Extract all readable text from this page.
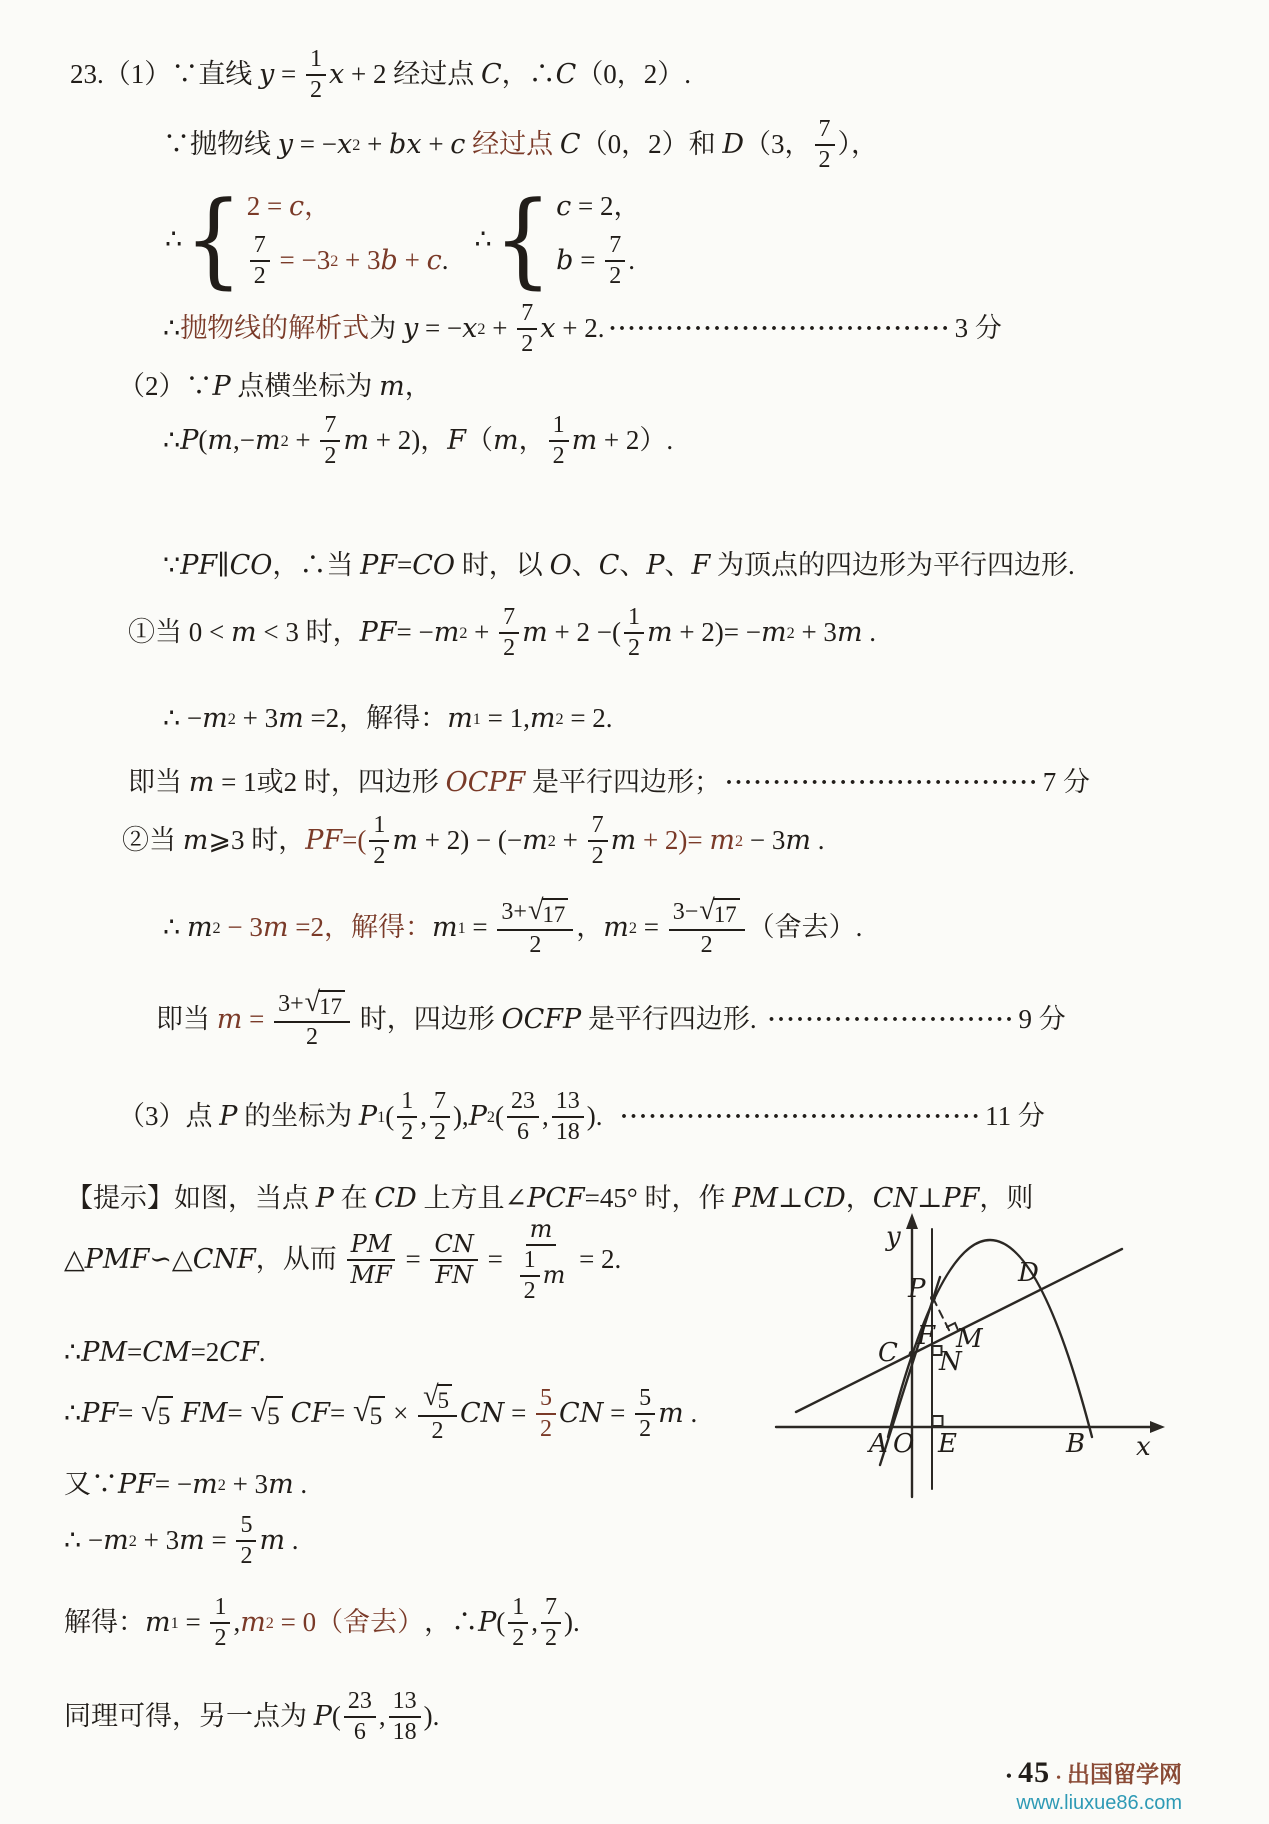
23.（1）∵直线 $y = \frac{1}{2}$ x + 2 经过点 C ，∴ C （0，2）.
∵抛物线 y = − x 2 + bx + c 经过点 C （0，2）和 D （3， $\frac{7}{2}$ ），
∴ { 2 = c ，
$\frac{7}{2} = -3$ 2 + 3 b + c .
∴ { c = 2，
$b = \frac{7}{2}$ .
∴ 抛物线的解析式 为 y = − x $2 + \frac{7}{2}$ x + 2. ···································· 3 分
（2）∵ P 点横坐标为 m ，
∴ P ( m ,− m $2 + \frac{7}{2}$ m + 2)， F （ m ， $\frac{1}{2}$ m + 2）.
∵ PF ∥ CO ，∴当 PF = CO 时，以 O 、 C 、 P 、 F 为顶点的四边形为平行四边形.
①当 0 < m < 3 时， PF = − m $2 + \frac{7}{2}$ m + 2 −( $\frac{1}{2}$ m + 2)= − m 2 + 3 m .
∴ − m 2 + 3 m =2，解得： m 1 = 1, m 2 = 2.
即当 m = 1或2 时，四边形 OCPF 是平行四边形； ································· 7 分
②当 m ⩾3 时， PF =( $\frac{1}{2}$ m + 2) − (− m $2 + \frac{7}{2}$ m + 2)= m 2 − 3 m .
∴ m 2 − 3 m =2， 解得： m $1 = \frac{3+ √ 17}{2}$ ， m $2 = \frac{3- √ 17}{2}$ （舍去）.
即当 $m = \frac{3+ √ 17}{2}$ 时，四边形 OCFP 是平行四边形. ·························· 9 分
（3）点 P 的坐标为 P 1 ( $\frac{1}{2}$ , $\frac{7}{2}$ ), P 2 ( $\frac{23}{6}$ , $\frac{13}{18}$ ). ······································ 11 分
【提示】如图，当点 P 在 CD 上方且∠ PCF =45° 时，作 PM ⊥ CD ， CN ⊥ PF ，则
△ PMF ∽△ CNF ，从而 $\frac{PM}{MF} = \frac{CN}{FN} = \frac{m}{\frac{1}{2} m} = 2$.
∴ PM = CM =2 CF .
∴ PF = √ 5
FM = √ 5
CF = √ 5 × √ $\frac{5}{2}$ CN = $\frac{5}{2}$ CN = $\frac{5}{2}$ m .
又∵ PF = − m 2 + 3 m .
∴ − m 2 + 3 $m = \frac{5}{2}$ m .
解得： m $1 = \frac{1}{2}$ , m 2 = 0 （舍去） ，∴ P ( $\frac{1}{2}$ , $\frac{7}{2}$ ).
同理可得，另一点为 P ( $\frac{23}{6}$ , $\frac{13}{18}$ ).
y
P
D
C
F M
N
A O E	B x
• 45 • 出国留学网
www.liuxue86.com
